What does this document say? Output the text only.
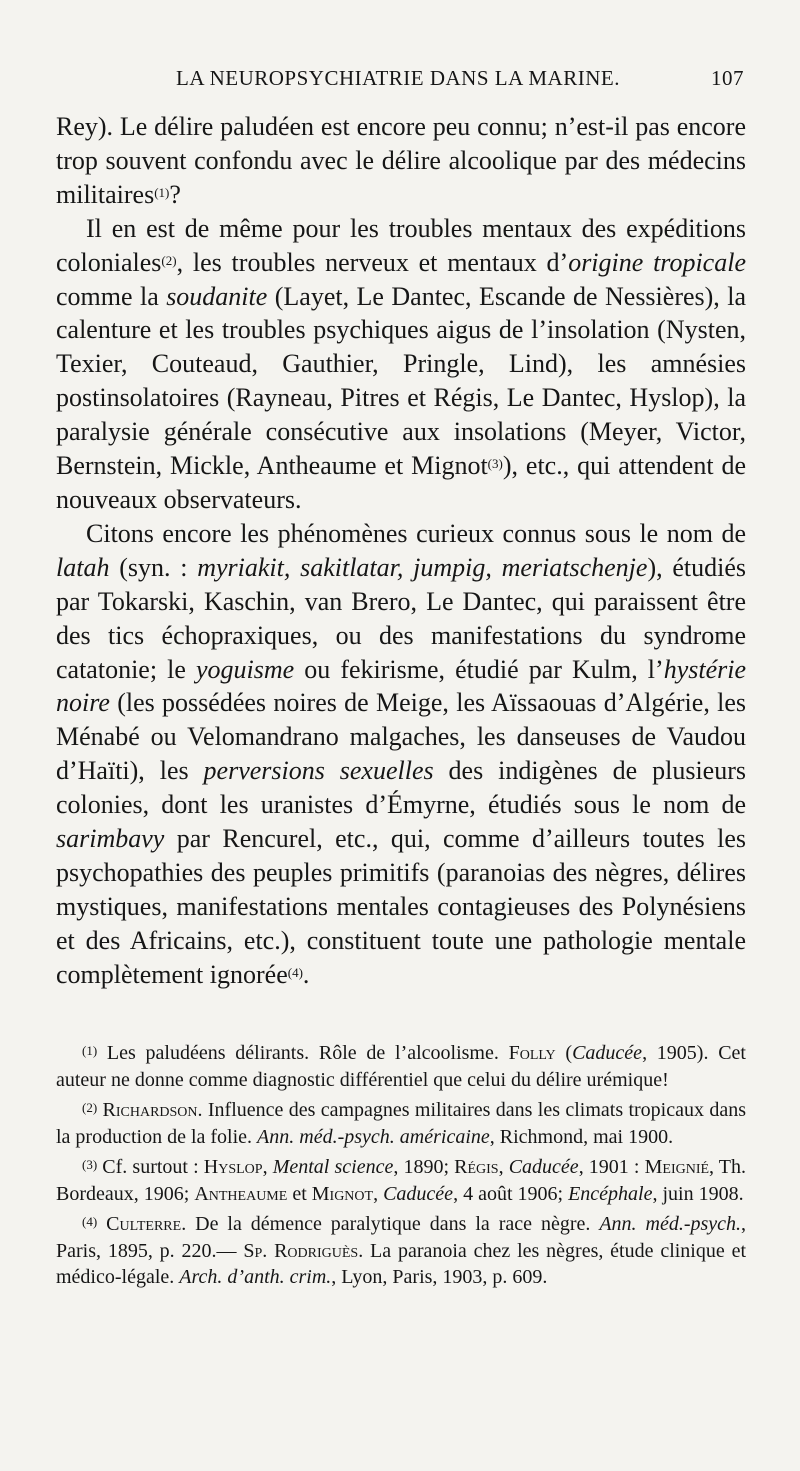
LA NEUROPSYCHIATRIE DANS LA MARINE.	107

Rey). Le délire paludéen est encore peu connu; n’est-il pas encore trop souvent confondu avec le délire alcoolique par des médecins militaires$^{(1)}$?

Il en est de même pour les troubles mentaux des expéditions coloniales$^{(2)}$, les troubles nerveux et mentaux d’origine tropicale comme la soudanite (Layet, Le Dantec, Escande de Nessières), la calenture et les troubles psychiques aigus de l’insolation (Nysten, Texier, Couteaud, Gauthier, Pringle, Lind), les amnésies postinsolatoires (Rayneau, Pitres et Régis, Le Dantec, Hyslop), la paralysie générale consécutive aux insolations (Meyer, Victor, Bernstein, Mickle, Antheaume et Mignot$^{(3)}$), etc., qui attendent de nouveaux observateurs.

Citons encore les phénomènes curieux connus sous le nom de latah (syn. : myriakit, sakitlatar, jumpig, meriatschenje), étudiés par Tokarski, Kaschin, van Brero, Le Dantec, qui paraissent être des tics échopraxiques, ou des manifestations du syndrome catatonie; le yoguisme ou fekirisme, étudié par Kulm, l’hystérie noire (les possédées noires de Meige, les Aïssaouas d’Algérie, les Ménabé ou Velomandrano malgaches, les danseuses de Vaudou d’Haïti), les perversions sexuelles des indigènes de plusieurs colonies, dont les uranistes d’Émyrne, étudiés sous le nom de sarimbavy par Rencurel, etc., qui, comme d’ailleurs toutes les psychopathies des peuples primitifs (paranoias des nègres, délires mystiques, manifestations mentales contagieuses des Polynésiens et des Africains, etc.), constituent toute une pathologie mentale complètement ignorée$^{(4)}$.

$^{(1)}$ Les paludéens délirants. Rôle de l’alcoolisme. Folly (Caducée, 1905). Cet auteur ne donne comme diagnostic différentiel que celui du délire urémique!

$^{(2)}$ Richardson. Influence des campagnes militaires dans les climats tropicaux dans la production de la folie. Ann. méd.-psych. américaine, Richmond, mai 1900.

$^{(3)}$ Cf. surtout : Hyslop, Mental science, 1890; Régis, Caducée, 1901 : Meignié, Th. Bordeaux, 1906; Antheaume et Mignot, Caducée, 4 août 1906; Encéphale, juin 1908.

$^{(4)}$ Culterre. De la démence paralytique dans la race nègre. Ann. méd.-psych., Paris, 1895, p. 220.— Sp. Rodriguès. La paranoia chez les nègres, étude clinique et médico-légale. Arch. d’anth. crim., Lyon, Paris, 1903, p. 609.
